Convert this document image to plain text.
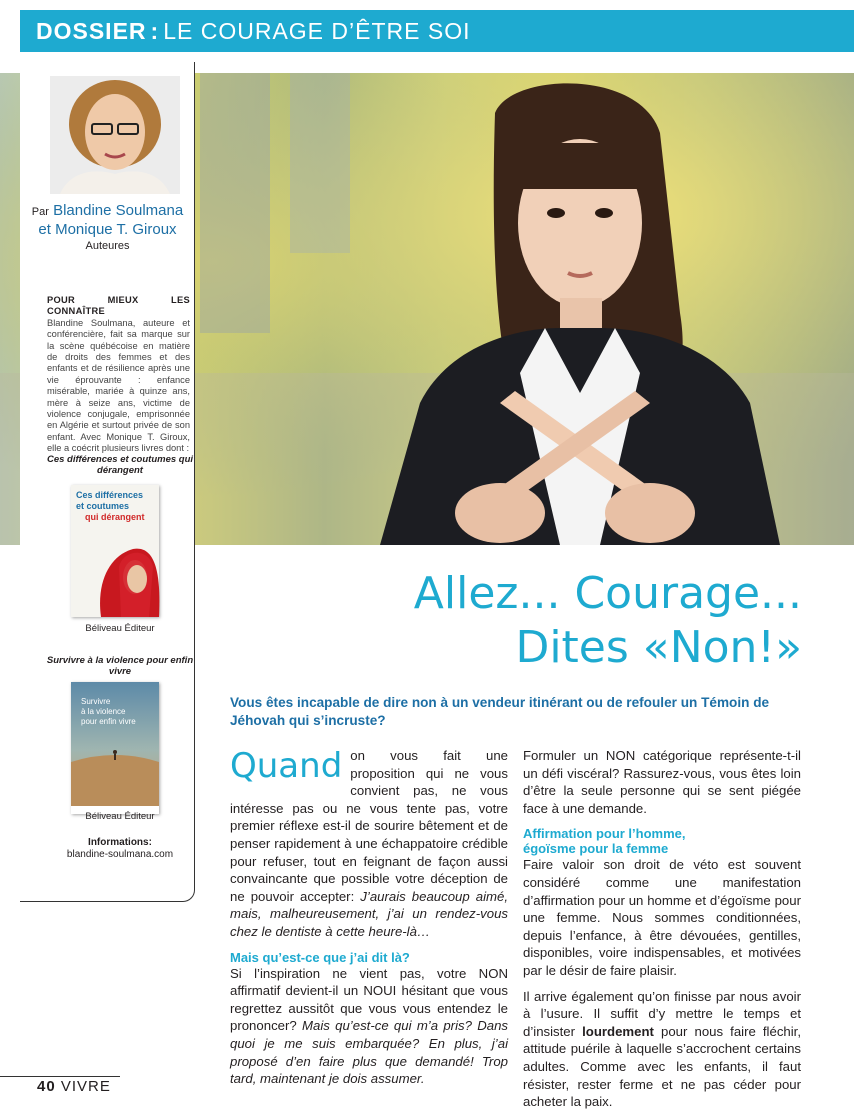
DOSSIER : LE COURAGE D’ÊTRE SOI
Par Blandine Soulmana
et Monique T. Giroux
Auteures
POUR MIEUX LES CONNAÎTRE
Blandine Soulmana, auteure et conférencière, fait sa marque sur la scène québécoise en matière de droits des femmes et des enfants et de résilience après une vie éprouvante : enfance misérable, mariée à quinze ans, mère à seize ans, victime de violence conjugale, emprisonnée en Algérie et surtout privée de son enfant. Avec Monique T. Giroux, elle a coécrit plusieurs livres dont :
Ces différences et coutumes qui dérangent
Ces différences
et coutumes
qui dérangent
Béliveau Éditeur
Survivre à la violence pour enfin vivre
Survivre
à la violence
pour enfin vivre
Béliveau Éditeur
Informations:
blandine-soulmana.com
Allez... Courage...
Dites «Non!»
Vous êtes incapable de dire non à un vendeur itinérant ou de refouler un Témoin de Jéhovah qui s’incruste?

Quand on vous fait une proposition qui ne vous convient pas, ne vous intéresse pas ou ne vous tente pas, votre premier réflexe est-il de sourire bêtement et de penser rapidement à une échappatoire crédible pour refuser, tout en feignant de façon aussi convaincante que possible votre déception de ne pouvoir accepter: J’aurais beaucoup aimé, mais, malheureusement, j’ai un rendez-vous chez le dentiste à cette heure-là…

Mais qu’est-ce que j’ai dit là?

Si l’inspiration ne vient pas, votre NON affirmatif devient-il un NOUI hésitant que vous regrettez aussitôt que vous vous entendez le prononcer? Mais qu’est-ce qui m’a pris? Dans quoi je me suis embarquée? En plus, j’ai proposé d’en faire plus que demandé! Trop tard, maintenant je dois assumer.

Formuler un NON catégorique représente-t-il un défi viscéral? Rassurez-vous, vous êtes loin d’être la seule personne qui se sent piégée face à une demande.

Affirmation pour l’homme,
égoïsme pour la femme

Faire valoir son droit de véto est souvent considéré comme une manifestation d’affirmation pour un homme et d’égoïsme pour une femme. Nous sommes conditionnées, depuis l’enfance, à être dévouées, gentilles, disponibles, voire indispensables, et motivées par le désir de faire plaisir.

Il arrive également qu’on finisse par nous avoir à l’usure. Il suffit d’y mettre le temps et d’insister lourdement pour nous faire fléchir, attitude puérile à laquelle s’accrochent certains adultes. Comme avec les enfants, il faut résister, rester ferme et ne pas céder pour acheter la paix.

40 VIVRE
